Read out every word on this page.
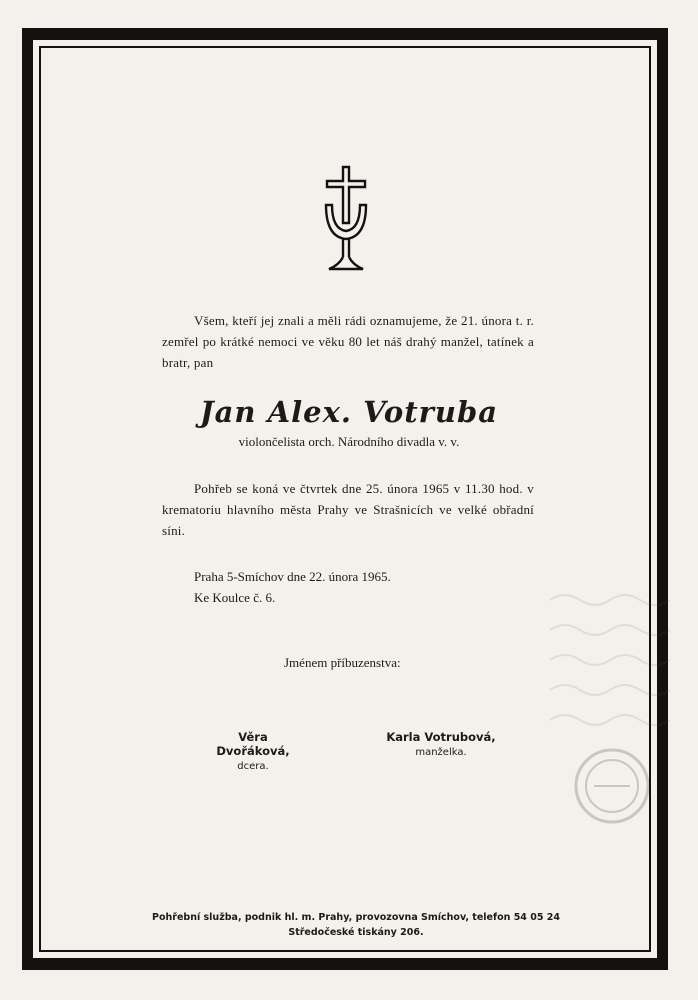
Všem, kteří jej znali a měli rádi oznamujeme, že 21. února t. r. zemřel po krátké nemoci ve věku 80 let náš drahý manžel, tatínek a bratr, pan
Jan Alex. Votruba
violončelista orch. Národního divadla v. v.
Pohřeb se koná ve čtvrtek dne 25. února 1965 v 11.30 hod. v krematoriu hlavního města Prahy ve Strašnicích ve velké obřadní síni.
Praha 5-Smíchov dne 22. února 1965.
Ke Koulce č. 6.
Jménem příbuzenstva:
Věra Dvořáková,
dcera.
Karla Votrubová,
manželka.
Pohřební služba, podnik hl. m. Prahy, provozovna Smíchov, telefon 54 05 24
Středočeské tiskány 206.
